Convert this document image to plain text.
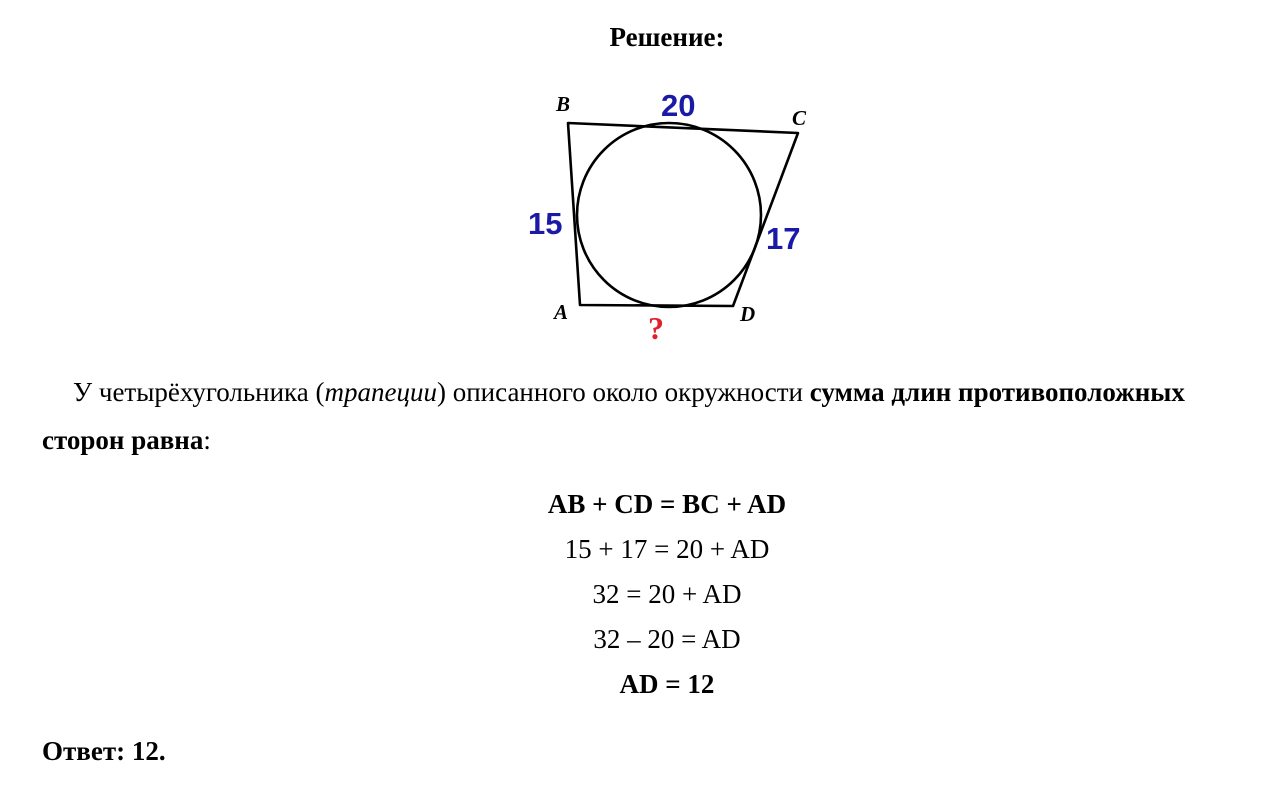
Решение:
B
C
A	D
20
15	17
?
У четырёхугольника (трапеции) описанного около окружности сумма длин противоположных сторон равна:
AB + CD = BC + AD
15 + 17 = 20 + AD
32 = 20 + AD
32 – 20 = AD
AD = 12
Ответ: 12.
